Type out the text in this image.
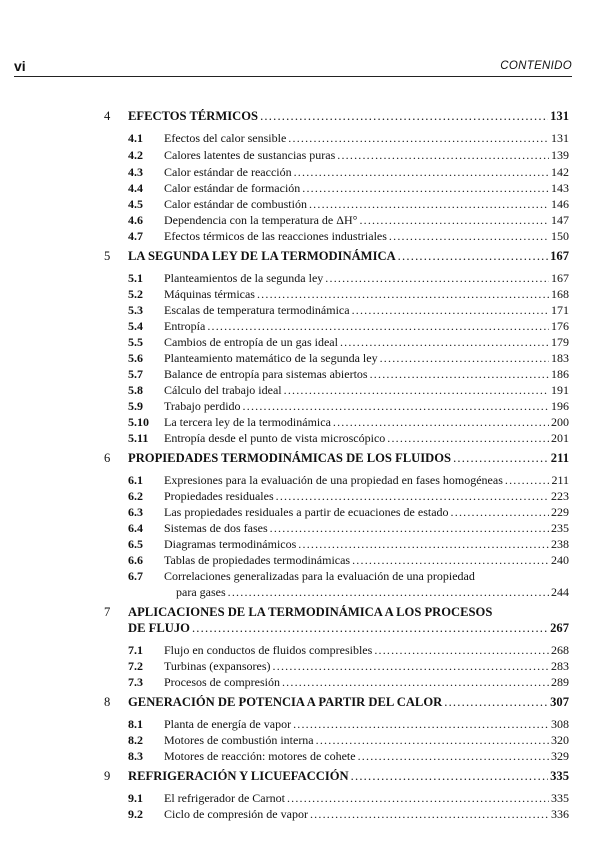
vi	CONTENIDO
4	EFECTOS TÉRMICOS .....	131
4.1 Efectos del calor sensible .....	131
4.2 Calores latentes de sustancias puras .....	139
4.3 Calor estándar de reacción .....	142
4.4 Calor estándar de formación .....	143
4.5 Calor estándar de combustión .....	146
4.6 Dependencia con la temperatura de ΔH° .....	147
4.7 Efectos térmicos de las reacciones industriales .....	150
5	LA SEGUNDA LEY DE LA TERMODINÁMICA .....	167
5.1 Planteamientos de la segunda ley .....	167
5.2 Máquinas térmicas .....	168
5.3 Escalas de temperatura termodinámica .....	171
5.4 Entropía .....	176
5.5 Cambios de entropía de un gas ideal .....	179
5.6 Planteamiento matemático de la segunda ley .....	183
5.7 Balance de entropía para sistemas abiertos .....	186
5.8 Cálculo del trabajo ideal .....	191
5.9 Trabajo perdido .....	196
5.10 La tercera ley de la termodinámica .....	200
5.11 Entropía desde el punto de vista microscópico .....	201
6	PROPIEDADES TERMODINÁMICAS DE LOS FLUIDOS .....	211
6.1 Expresiones para la evaluación de una propiedad en fases homogéneas .....	211
6.2 Propiedades residuales .....	223
6.3 Las propiedades residuales a partir de ecuaciones de estado .....	229
6.4 Sistemas de dos fases .....	235
6.5 Diagramas termodinámicos .....	238
6.6 Tablas de propiedades termodinámicas .....	240
6.7 Correlaciones generalizadas para la evaluación de una propiedad
para gases .....	244
7	APLICACIONES DE LA TERMODINÁMICA A LOS PROCESOS
DE FLUJO .....	267
7.1 Flujo en conductos de fluidos compresibles .....	268
7.2 Turbinas (expansores) .....	283
7.3 Procesos de compresión .....	289
8	GENERACIÓN DE POTENCIA A PARTIR DEL CALOR .....	307
8.1 Planta de energía de vapor .....	308
8.2 Motores de combustión interna .....	320
8.3 Motores de reacción: motores de cohete .....	329
9	REFRIGERACIÓN Y LICUEFACCIÓN .....	335
9.1 El refrigerador de Carnot .....	335
9.2 Ciclo de compresión de vapor .....	336
